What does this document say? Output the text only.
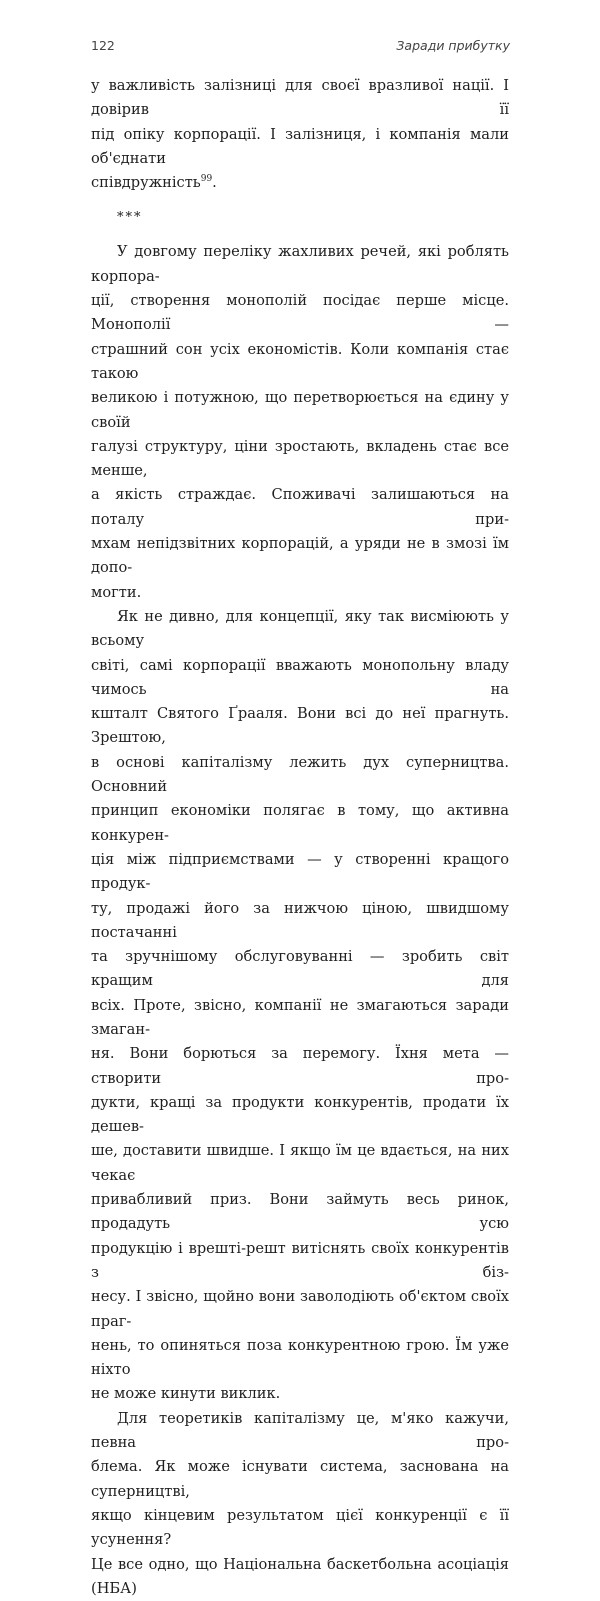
122	Заради прибутку
у важливість залізниці для своєї вразливої нації. І довірив її
під опіку корпорації. І залізниця, і компанія мали об'єднати
співдружність$^{99}$.
***
У довгому переліку жахливих речей, які роблять корпора-
ції, створення монополій посідає перше місце. Монополії —
страшний сон усіх економістів. Коли компанія стає такою
великою і потужною, що перетворюється на єдину у своїй
галузі структуру, ціни зростають, вкладень стає все менше,
а якість страждає. Споживачі залишаються на поталу при-
мхам непідзвітних корпорацій, а уряди не в змозі їм допо-
могти.
Як не дивно, для концепції, яку так висміюють у всьому
світі, самі корпорації вважають монопольну владу чимось на
кшталт Святого Ґрааля. Вони всі до неї прагнуть. Зрештою,
в основі капіталізму лежить дух суперництва. Основний
принцип економіки полягає в тому, що активна конкурен-
ція між підприємствами — у створенні кращого продук-
ту, продажі його за нижчою ціною, швидшому постачанні
та зручнішому обслуговуванні — зробить світ кращим для
всіх. Проте, звісно, компанії не змагаються заради змаган-
ня. Вони борються за перемогу. Їхня мета — створити про-
дукти, кращі за продукти конкурентів, продати їх дешев-
ше, доставити швидше. І якщо їм це вдається, на них чекає
привабливий приз. Вони займуть весь ринок, продадуть усю
продукцію і врешті-решт витіснять своїх конкурентів з біз-
несу. І звісно, щойно вони заволодіють об'єктом своїх праг-
нень, то опиняться поза конкурентною грою. Їм уже ніхто
не може кинути виклик.
Для теоретиків капіталізму це, м'яко кажучи, певна про-
блема. Як може існувати система, заснована на суперництві,
якщо кінцевим результатом цієї конкуренції є її усунення?
Це все одно, що Національна баскетбольна асоціація (НБА)
